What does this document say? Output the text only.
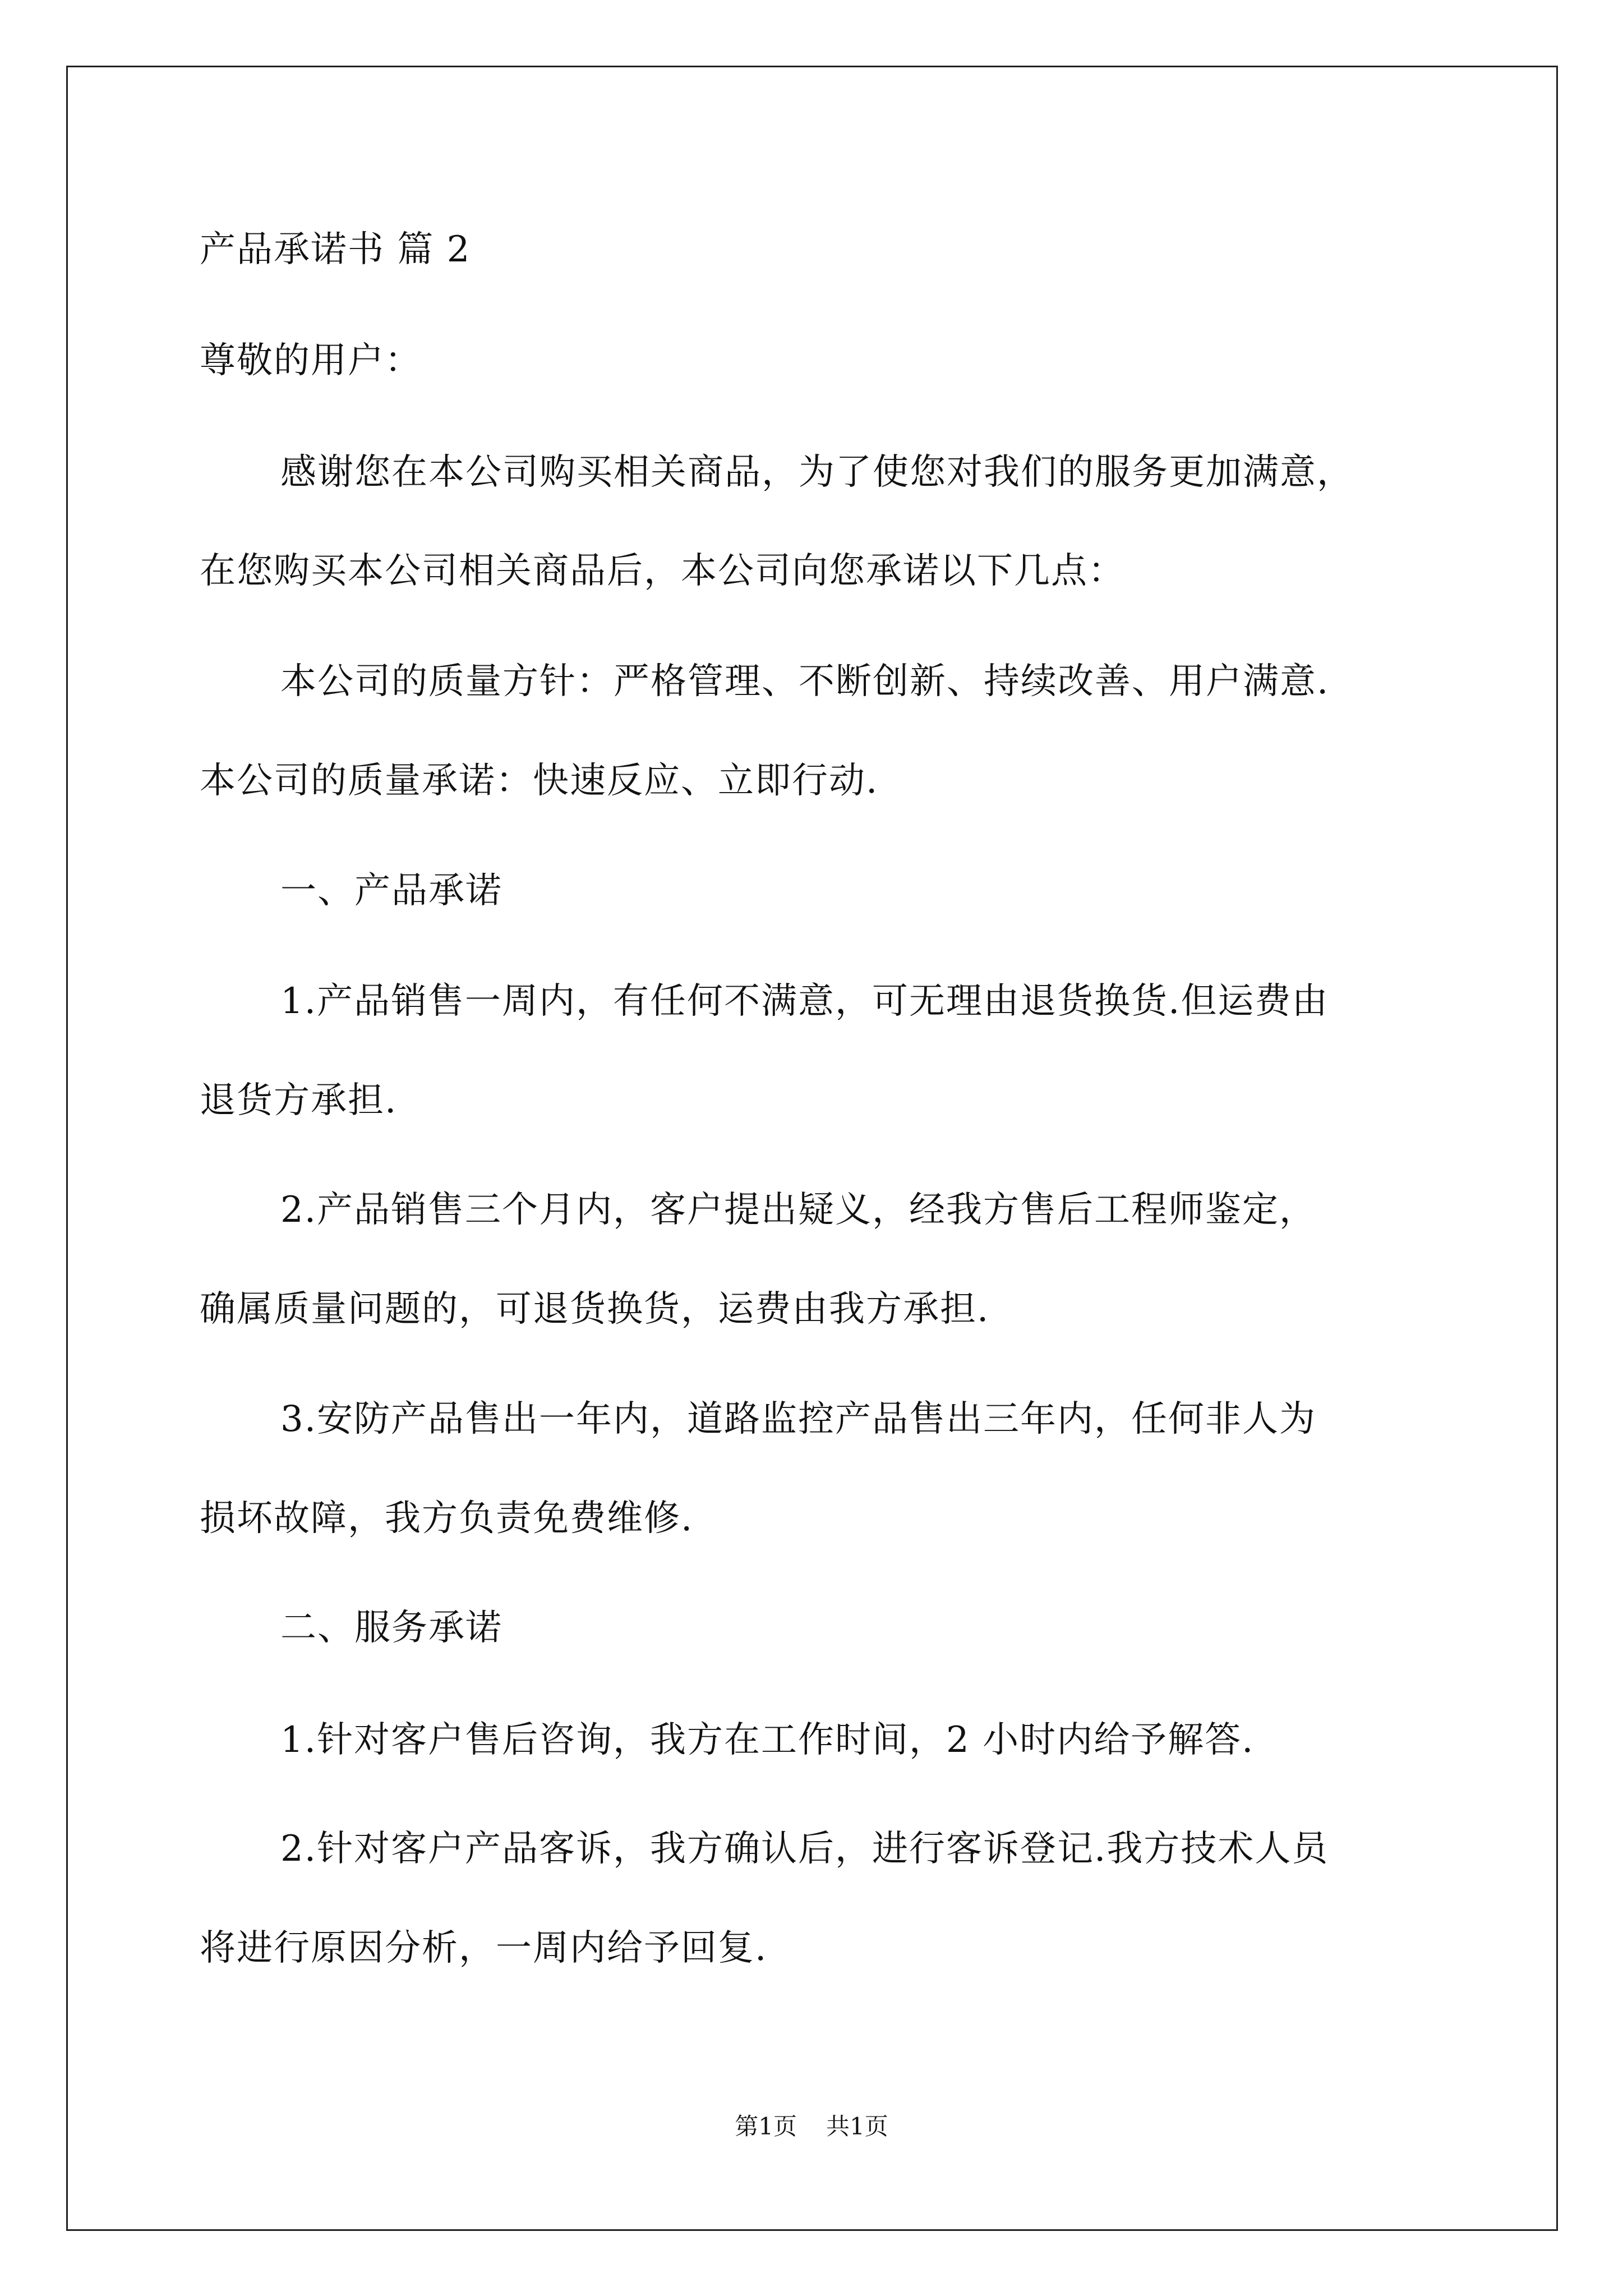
产品承诺书 篇 2
尊敬的用户：
感谢您在本公司购买相关商品，为了使您对我们的服务更加满意，
在您购买本公司相关商品后，本公司向您承诺以下几点：
本公司的质量方针：严格管理、不断创新、持续改善、用户满意.
本公司的质量承诺：快速反应、立即行动.
一、产品承诺
1.产品销售一周内，有任何不满意，可无理由退货换货.但运费由
退货方承担.
2.产品销售三个月内，客户提出疑义，经我方售后工程师鉴定，
确属质量问题的，可退货换货，运费由我方承担.
3.安防产品售出一年内，道路监控产品售出三年内，任何非人为
损坏故障，我方负责免费维修.
二、服务承诺
1.针对客户售后咨询，我方在工作时间，2 小时内给予解答.
2.针对客户产品客诉，我方确认后，进行客诉登记.我方技术人员
将进行原因分析，一周内给予回复.
第1页 共1页
